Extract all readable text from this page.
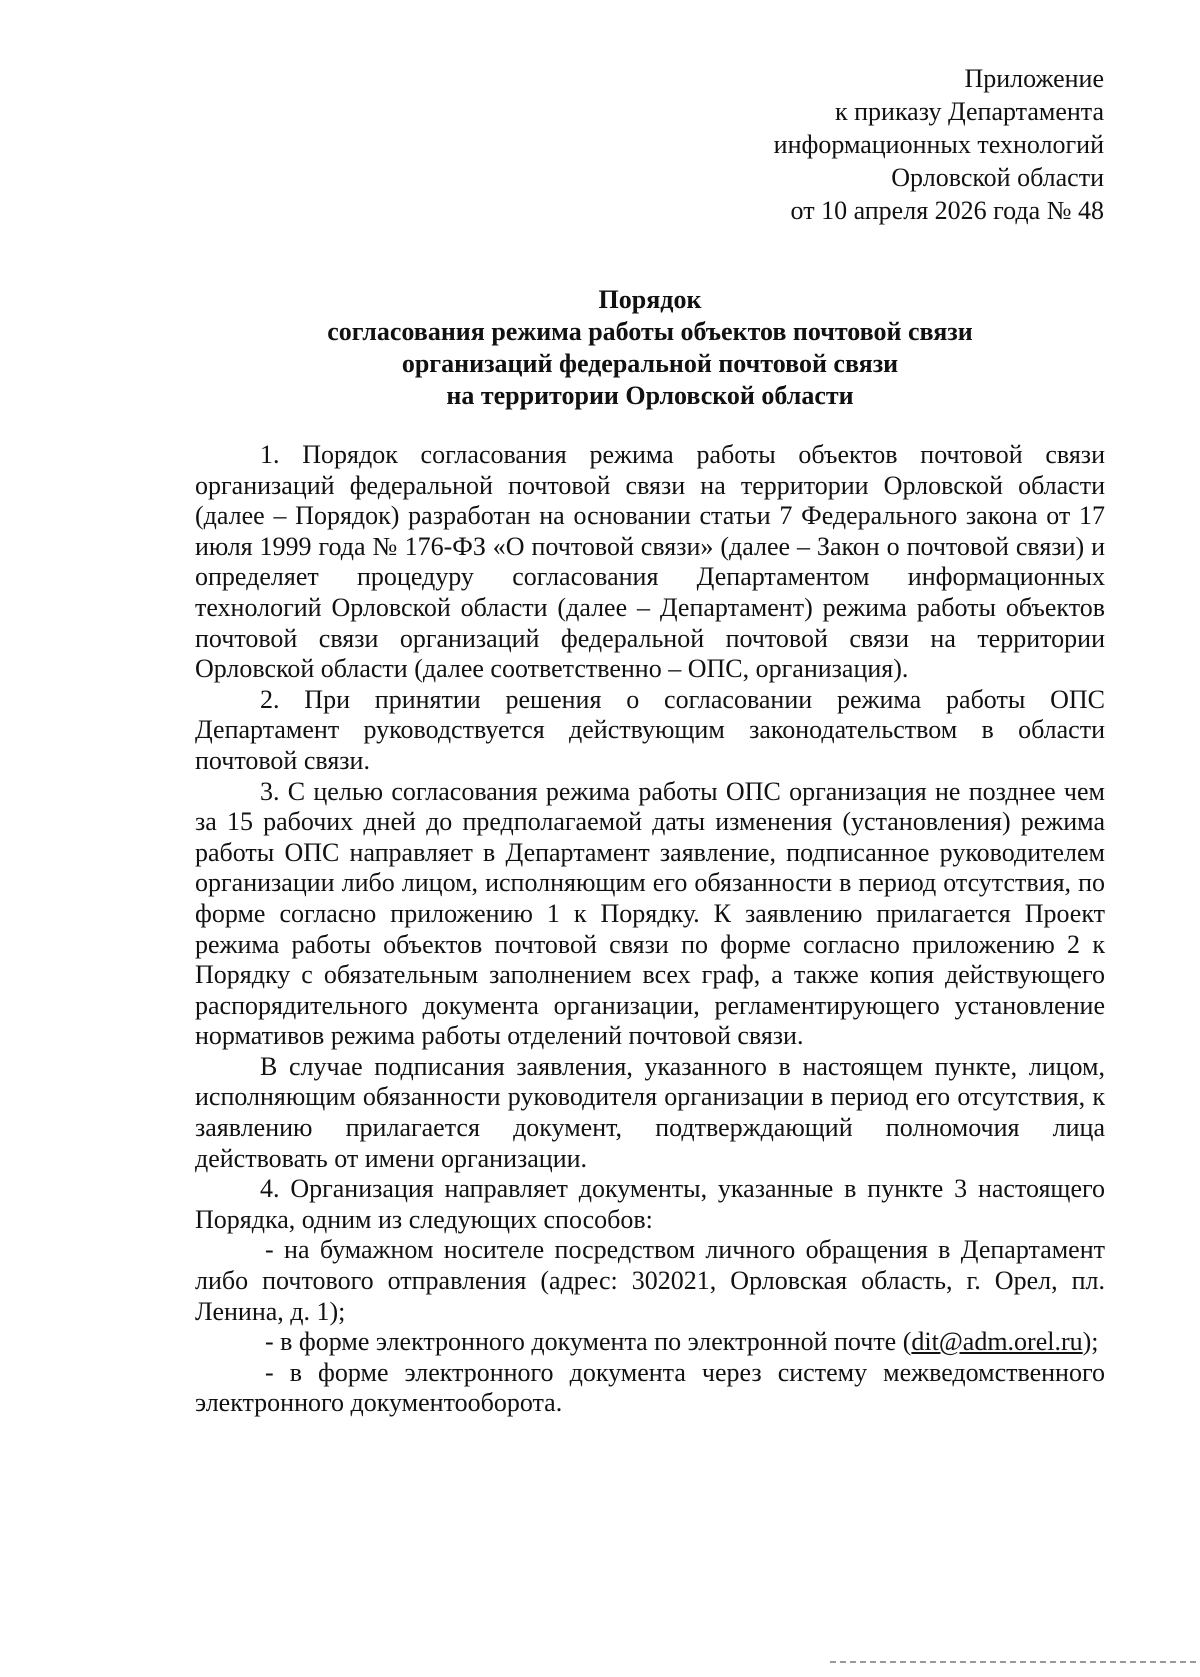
Приложение
к приказу Департамента
информационных технологий
Орловской области
от 10 апреля 2026 года № 48
Порядок
согласования режима работы объектов почтовой связи
организаций федеральной почтовой связи
на территории Орловской области

1. Порядок согласования режима работы объектов почтовой связи организаций федеральной почтовой связи на территории Орловской области (далее – Порядок) разработан на основании статьи 7 Федерального закона от 17 июля 1999 года № 176-ФЗ «О почтовой связи» (далее – Закон о почтовой связи) и определяет процедуру согласования Департаментом информационных технологий Орловской области (далее – Департамент) режима работы объектов почтовой связи организаций федеральной почтовой связи на территории Орловской области (далее соответственно – ОПС, организация).

2. При принятии решения о согласовании режима работы ОПС Департамент руководствуется действующим законодательством в области почтовой связи.

3. С целью согласования режима работы ОПС организация не позднее чем за 15 рабочих дней до предполагаемой даты изменения (установления) режима работы ОПС направляет в Департамент заявление, подписанное руководителем организации либо лицом, исполняющим его обязанности в период отсутствия, по форме согласно приложению 1 к Порядку. К заявлению прилагается Проект режима работы объектов почтовой связи по форме согласно приложению 2 к Порядку с обязательным заполнением всех граф, а также копия действующего распорядительного документа организации, регламентирующего установление нормативов режима работы отделений почтовой связи.

В случае подписания заявления, указанного в настоящем пункте, лицом, исполняющим обязанности руководителя организации в период его отсутствия, к заявлению прилагается документ, подтверждающий полномочия лица действовать от имени организации.

4. Организация направляет документы, указанные в пункте 3 настоящего Порядка, одним из следующих способов:

- на бумажном носителе посредством личного обращения в Департамент либо почтового отправления (адрес: 302021, Орловская область, г. Орел, пл. Ленина, д. 1);

- в форме электронного документа по электронной почте (dit@adm.orel.ru);

- в форме электронного документа через систему межведомственного электронного документооборота.
